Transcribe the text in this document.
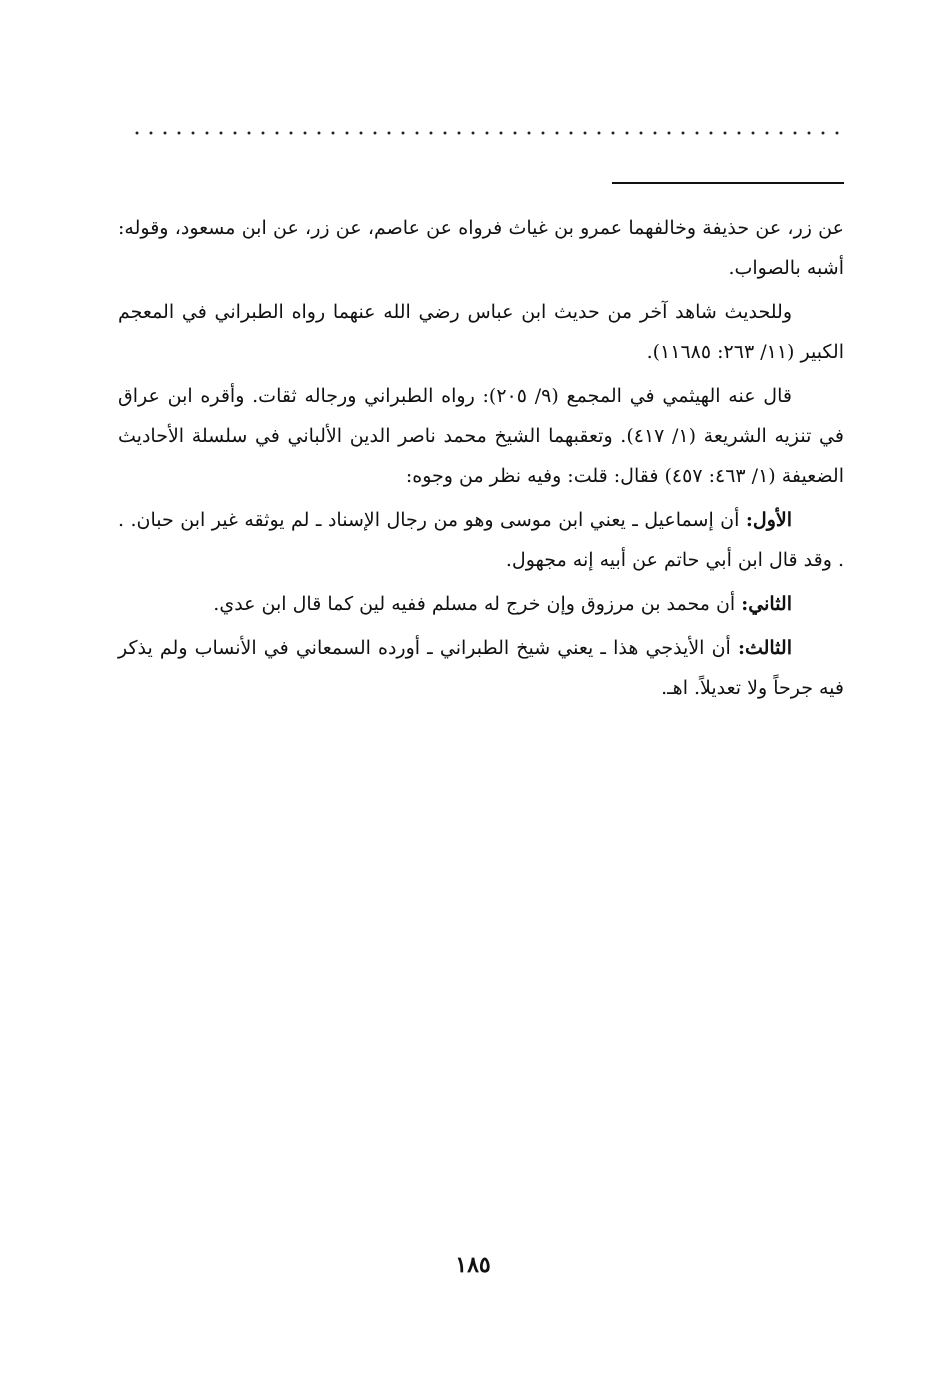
عن زر، عن حذيفة وخالفهما عمرو بن غياث فرواه عن عاصم، عن زر، عن ابن مسعود، وقوله: أشبه بالصواب.

وللحديث شاهد آخر من حديث ابن عباس رضي الله عنهما رواه الطبراني في المعجم الكبير (١١/ ٢٦٣: ١١٦٨٥).

قال عنه الهيثمي في المجمع (٩/ ٢٠٥): رواه الطبراني ورجاله ثقات. وأقره ابن عراق في تنزيه الشريعة (١/ ٤١٧). وتعقبهما الشيخ محمد ناصر الدين الألباني في سلسلة الأحاديث الضعيفة (١/ ٤٦٣: ٤٥٧) فقال: قلت: وفيه نظر من وجوه:

الأول: أن إسماعيل ـ يعني ابن موسى وهو من رجال الإسناد ـ لم يوثقه غير ابن حبان. . . وقد قال ابن أبي حاتم عن أبيه إنه مجهول.

الثاني: أن محمد بن مرزوق وإن خرج له مسلم ففيه لين كما قال ابن عدي.

الثالث: أن الأيذجي هذا ـ يعني شيخ الطبراني ـ أورده السمعاني في الأنساب ولم يذكر فيه جرحاً ولا تعديلاً. اهـ.

١٨٥
